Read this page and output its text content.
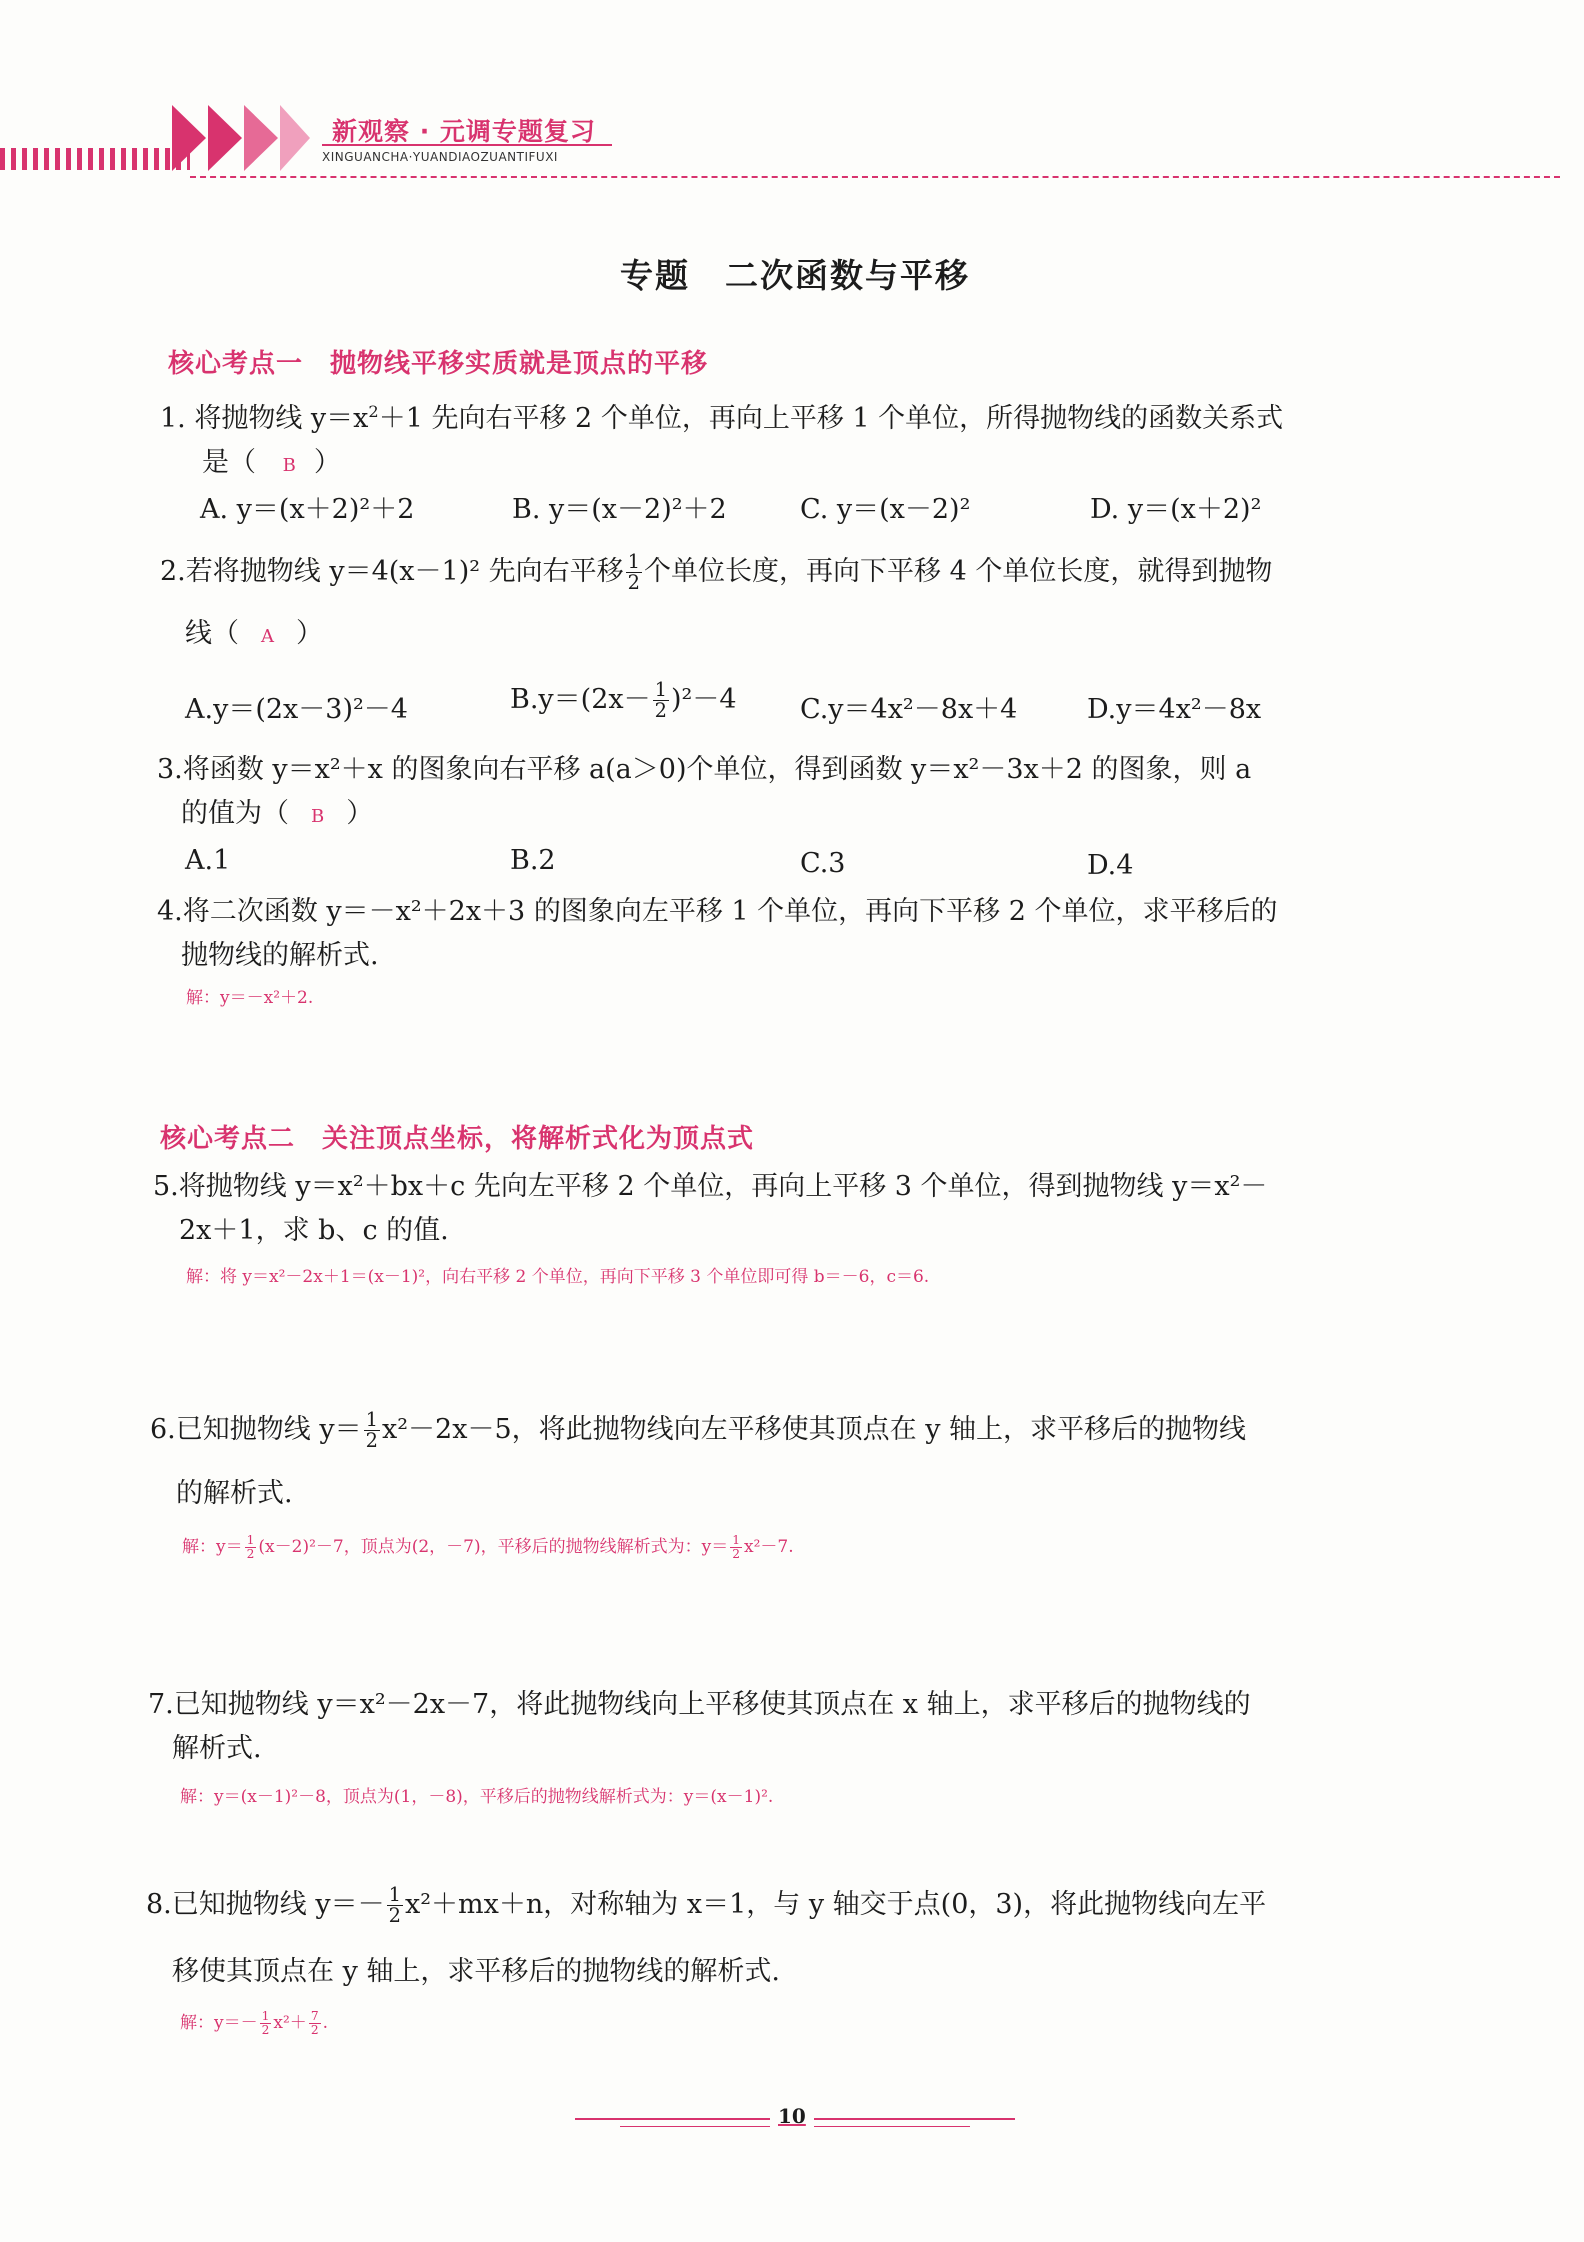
新观察 · 元调专题复习
XINGUANCHA·YUANDIAOZUANTIFUXI
专题　二次函数与平移
核心考点一　抛物线平移实质就是顶点的平移
1. 将抛物线 $y=x^2+1$ 先向右平移 2 个单位，再向上平移 1 个单位，所得抛物线的函数关系式
是（ B ）
A. y＝(x＋2)²＋2	B. y＝(x－2)²＋2	C. y＝(x－2)²	D. y＝(x＋2)²
2.若将抛物线 y＝4(x－1)² 先向右平移 $\frac{1}{2}$ 个单位长度，再向下平移 4 个单位长度，就得到抛物
线（ A ）
A.y＝(2x－3)²－4	$B.y=(2x- \frac{1}{2} )^2-4$ C.y＝4x²－8x＋4	D.y＝4x²－8x
3.将函数 y＝x²＋x 的图象向右平移 a(a＞0)个单位，得到函数 y＝x²－3x＋2 的图象，则 a
的值为（ B ）
A.1	B.2	C.3	D.4
4.将二次函数 y＝－x²＋2x＋3 的图象向左平移 1 个单位，再向下平移 2 个单位，求平移后的
抛物线的解析式.
解：y＝－x²＋2.
核心考点二　关注顶点坐标，将解析式化为顶点式
5.将抛物线 y＝x²＋bx＋c 先向左平移 2 个单位，再向上平移 3 个单位，得到抛物线 y＝x²－
2x＋1，求 b、c 的值.
解：将 y＝x²－2x＋1＝(x－1)²，向右平移 2 个单位，再向下平移 3 个单位即可得 b＝－6，c＝6.
6.已知抛物线 $y= \frac{1}{2} x^2-2x-5$，将此抛物线向左平移使其顶点在 y 轴上，求平移后的抛物线
的解析式.
解：$y= \frac{1}{2} (x-2)^2-7$，顶点为(2，－7)，平移后的抛物线解析式为：$y= \frac{1}{2} x^2-7$.
7.已知抛物线 y＝x²－2x－7，将此抛物线向上平移使其顶点在 x 轴上，求平移后的抛物线的
解析式.
解：y＝(x－1)²－8，顶点为(1，－8)，平移后的抛物线解析式为：y＝(x－1)².
8.已知抛物线 $y=- \frac{1}{2} x^2+mx+n$，对称轴为 x＝1，与 y 轴交于点(0，3)，将此抛物线向左平
移使其顶点在 y 轴上，求平移后的抛物线的解析式.
解：$y=- \frac{1}{2} x^2+ \frac{7}{2}$ .
10
